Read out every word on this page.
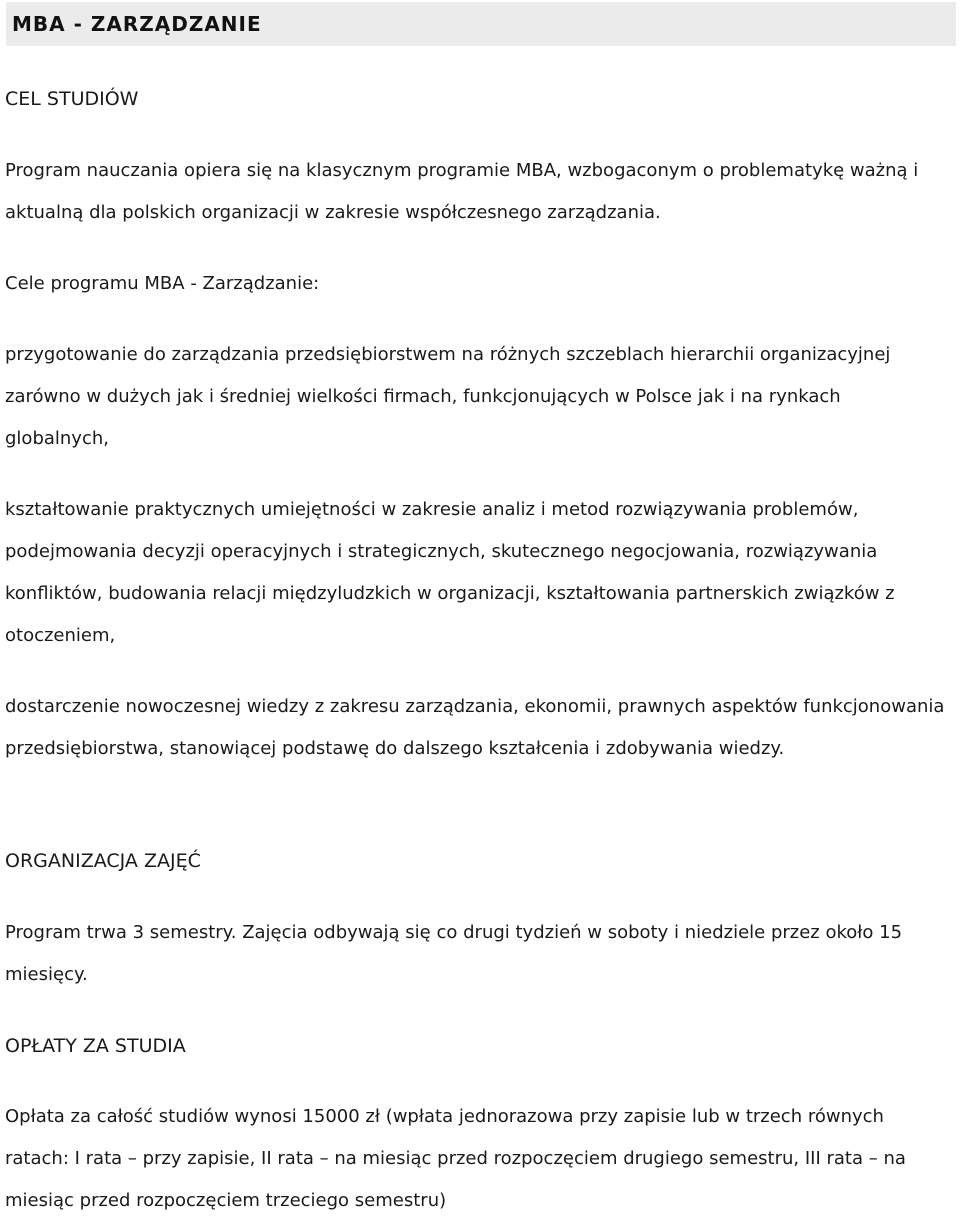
MBA - ZARZĄDZANIE
CEL STUDIÓW

Program nauczania opiera się na klasycznym programie MBA, wzbogaconym o problematykę ważną i aktualną dla polskich organizacji w zakresie współczesnego zarządzania.

Cele programu MBA - Zarządzanie:

przygotowanie do zarządzania przedsiębiorstwem na różnych szczeblach hierarchii organizacyjnej zarówno w dużych jak i średniej wielkości firmach, funkcjonujących w Polsce jak i na rynkach globalnych,

kształtowanie praktycznych umiejętności w zakresie analiz i metod rozwiązywania problemów, podejmowania decyzji operacyjnych i strategicznych, skutecznego negocjowania, rozwiązywania konfliktów, budowania relacji międzyludzkich w organizacji, kształtowania partnerskich związków z otoczeniem,

dostarczenie nowoczesnej wiedzy z zakresu zarządzania, ekonomii, prawnych aspektów funkcjonowania przedsiębiorstwa, stanowiącej podstawę do dalszego kształcenia i zdobywania wiedzy.

ORGANIZACJA ZAJĘĆ

Program trwa 3 semestry. Zajęcia odbywają się co drugi tydzień w soboty i niedziele przez około 15 miesięcy.

OPŁATY ZA STUDIA

Opłata za całość studiów wynosi 15000 zł (wpłata jednorazowa przy zapisie lub w trzech równych ratach: I rata – przy zapisie, II rata – na miesiąc przed rozpoczęciem drugiego semestru, III rata – na miesiąc przed rozpoczęciem trzeciego semestru)
